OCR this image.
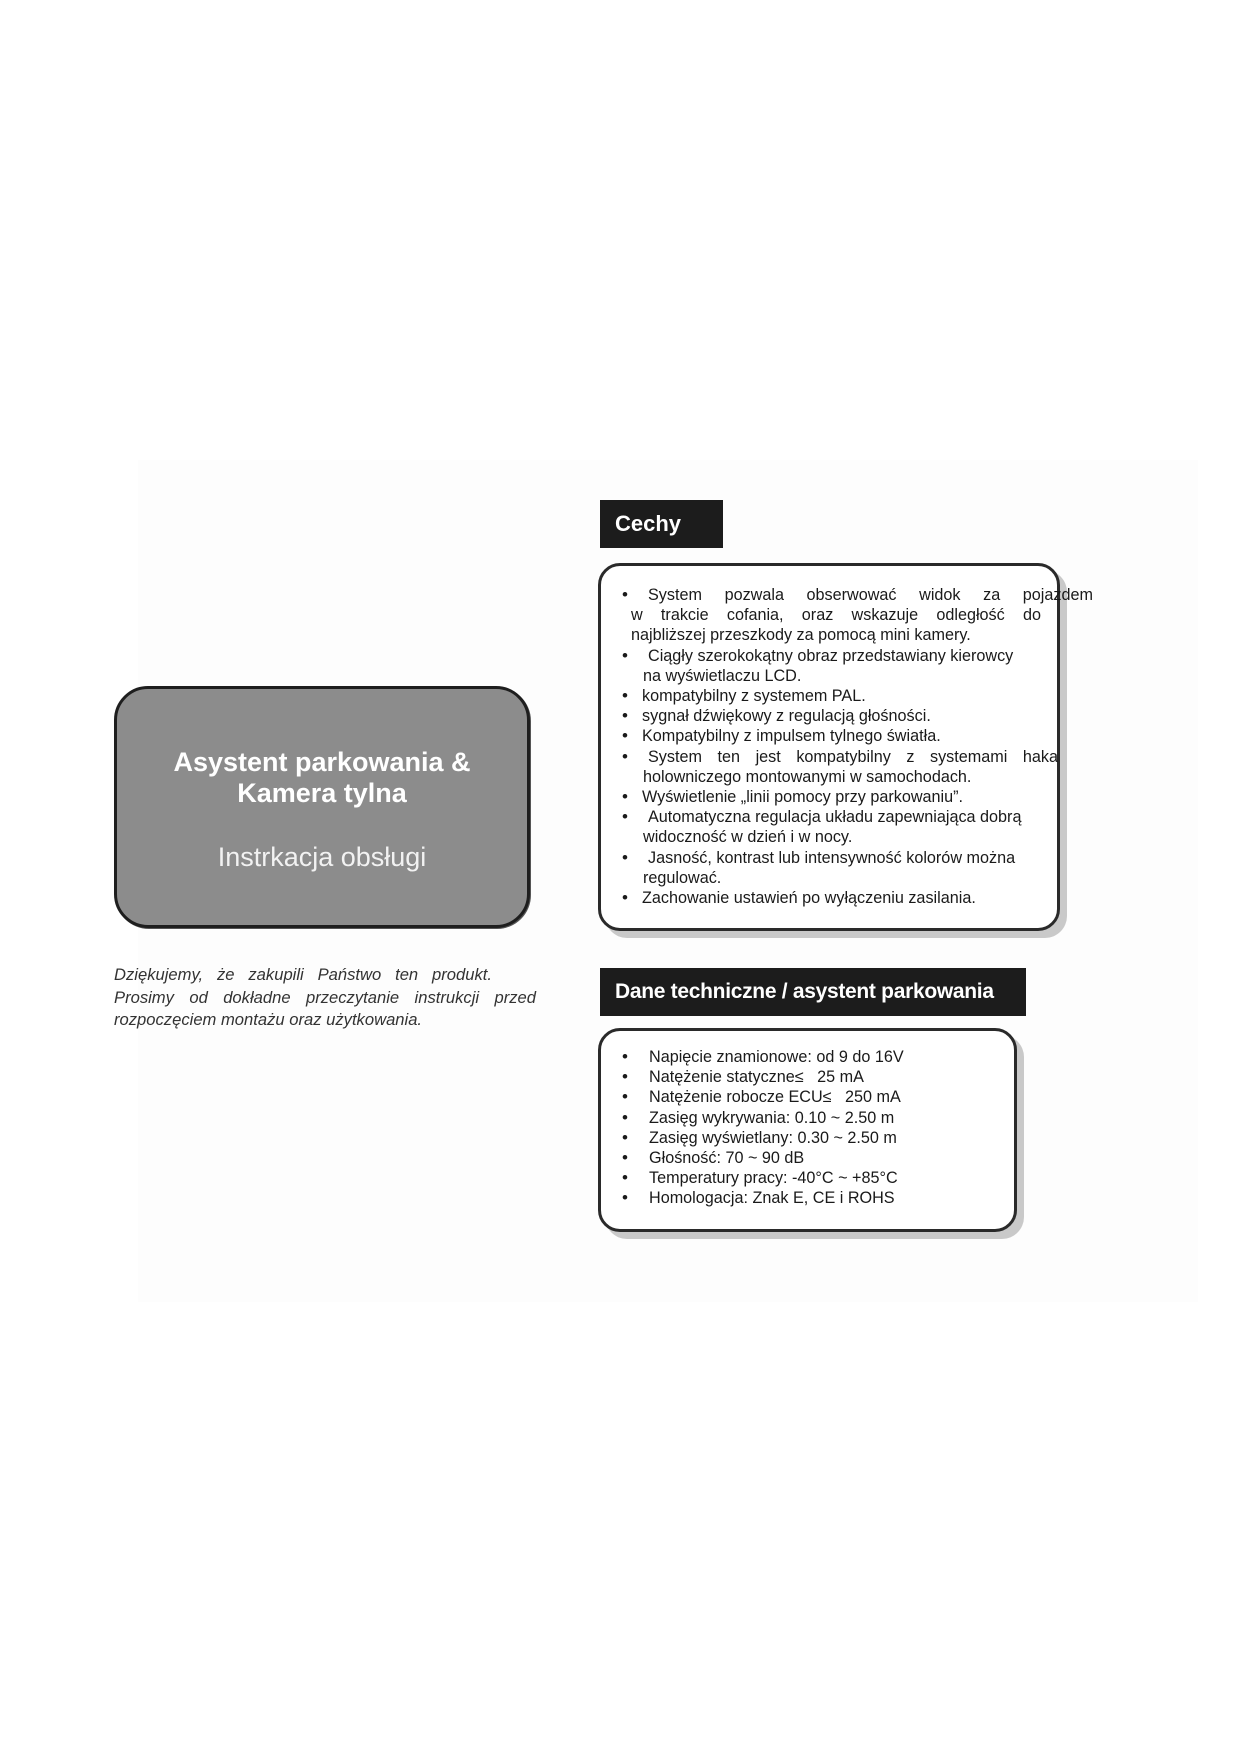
Asystent parkowania &
Kamera tylna
Instrkacja obsługi
Dziękujemy, że zakupili Państwo ten produkt.
Prosimy od dokładne przeczytanie instrukcji przed
rozpoczęciem montażu oraz użytkowania.
Cechy
• System pozwala obserwować widok za pojazdem
w trakcie cofania, oraz wskazuje odległość do
najbliższej przeszkody za pomocą mini kamery.
• Ciągły szerokokątny obraz przedstawiany kierowcy
na wyświetlaczu LCD.
• kompatybilny z systemem PAL.
• sygnał dźwiękowy z regulacją głośności.
• Kompatybilny z impulsem tylnego światła.
• System ten jest kompatybilny z systemami haka
holowniczego montowanymi w samochodach.
• Wyświetlenie „linii pomocy przy parkowaniu”.
• Automatyczna regulacja układu zapewniająca dobrą
widoczność w dzień i w nocy.
• Jasność, kontrast lub intensywność kolorów można
regulować.
• Zachowanie ustawień po wyłączeniu zasilania.
Dane techniczne / asystent parkowania
• Napięcie znamionowe: od 9 do 16V
• Natężenie statyczne≤   25 mA
• Natężenie robocze ECU≤   250 mA
• Zasięg wykrywania: 0.10 ~ 2.50 m
• Zasięg wyświetlany: 0.30 ~ 2.50 m
• Głośność: 70 ~ 90 dB
• Temperatury pracy: -40°C ~ +85°C
• Homologacja: Znak E, CE i ROHS
